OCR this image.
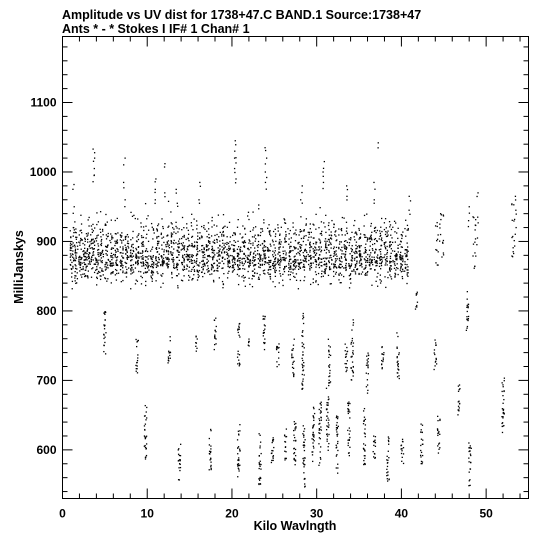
Amplitude vs UV dist for 1738+47.C BAND.1 Source:1738+47
Ants * - * Stokes I IF# 1 Chan# 1
0	10	20	30	40	50
600
700
800
900
1000
1100
Kilo Wavlngth
MilliJanskys
